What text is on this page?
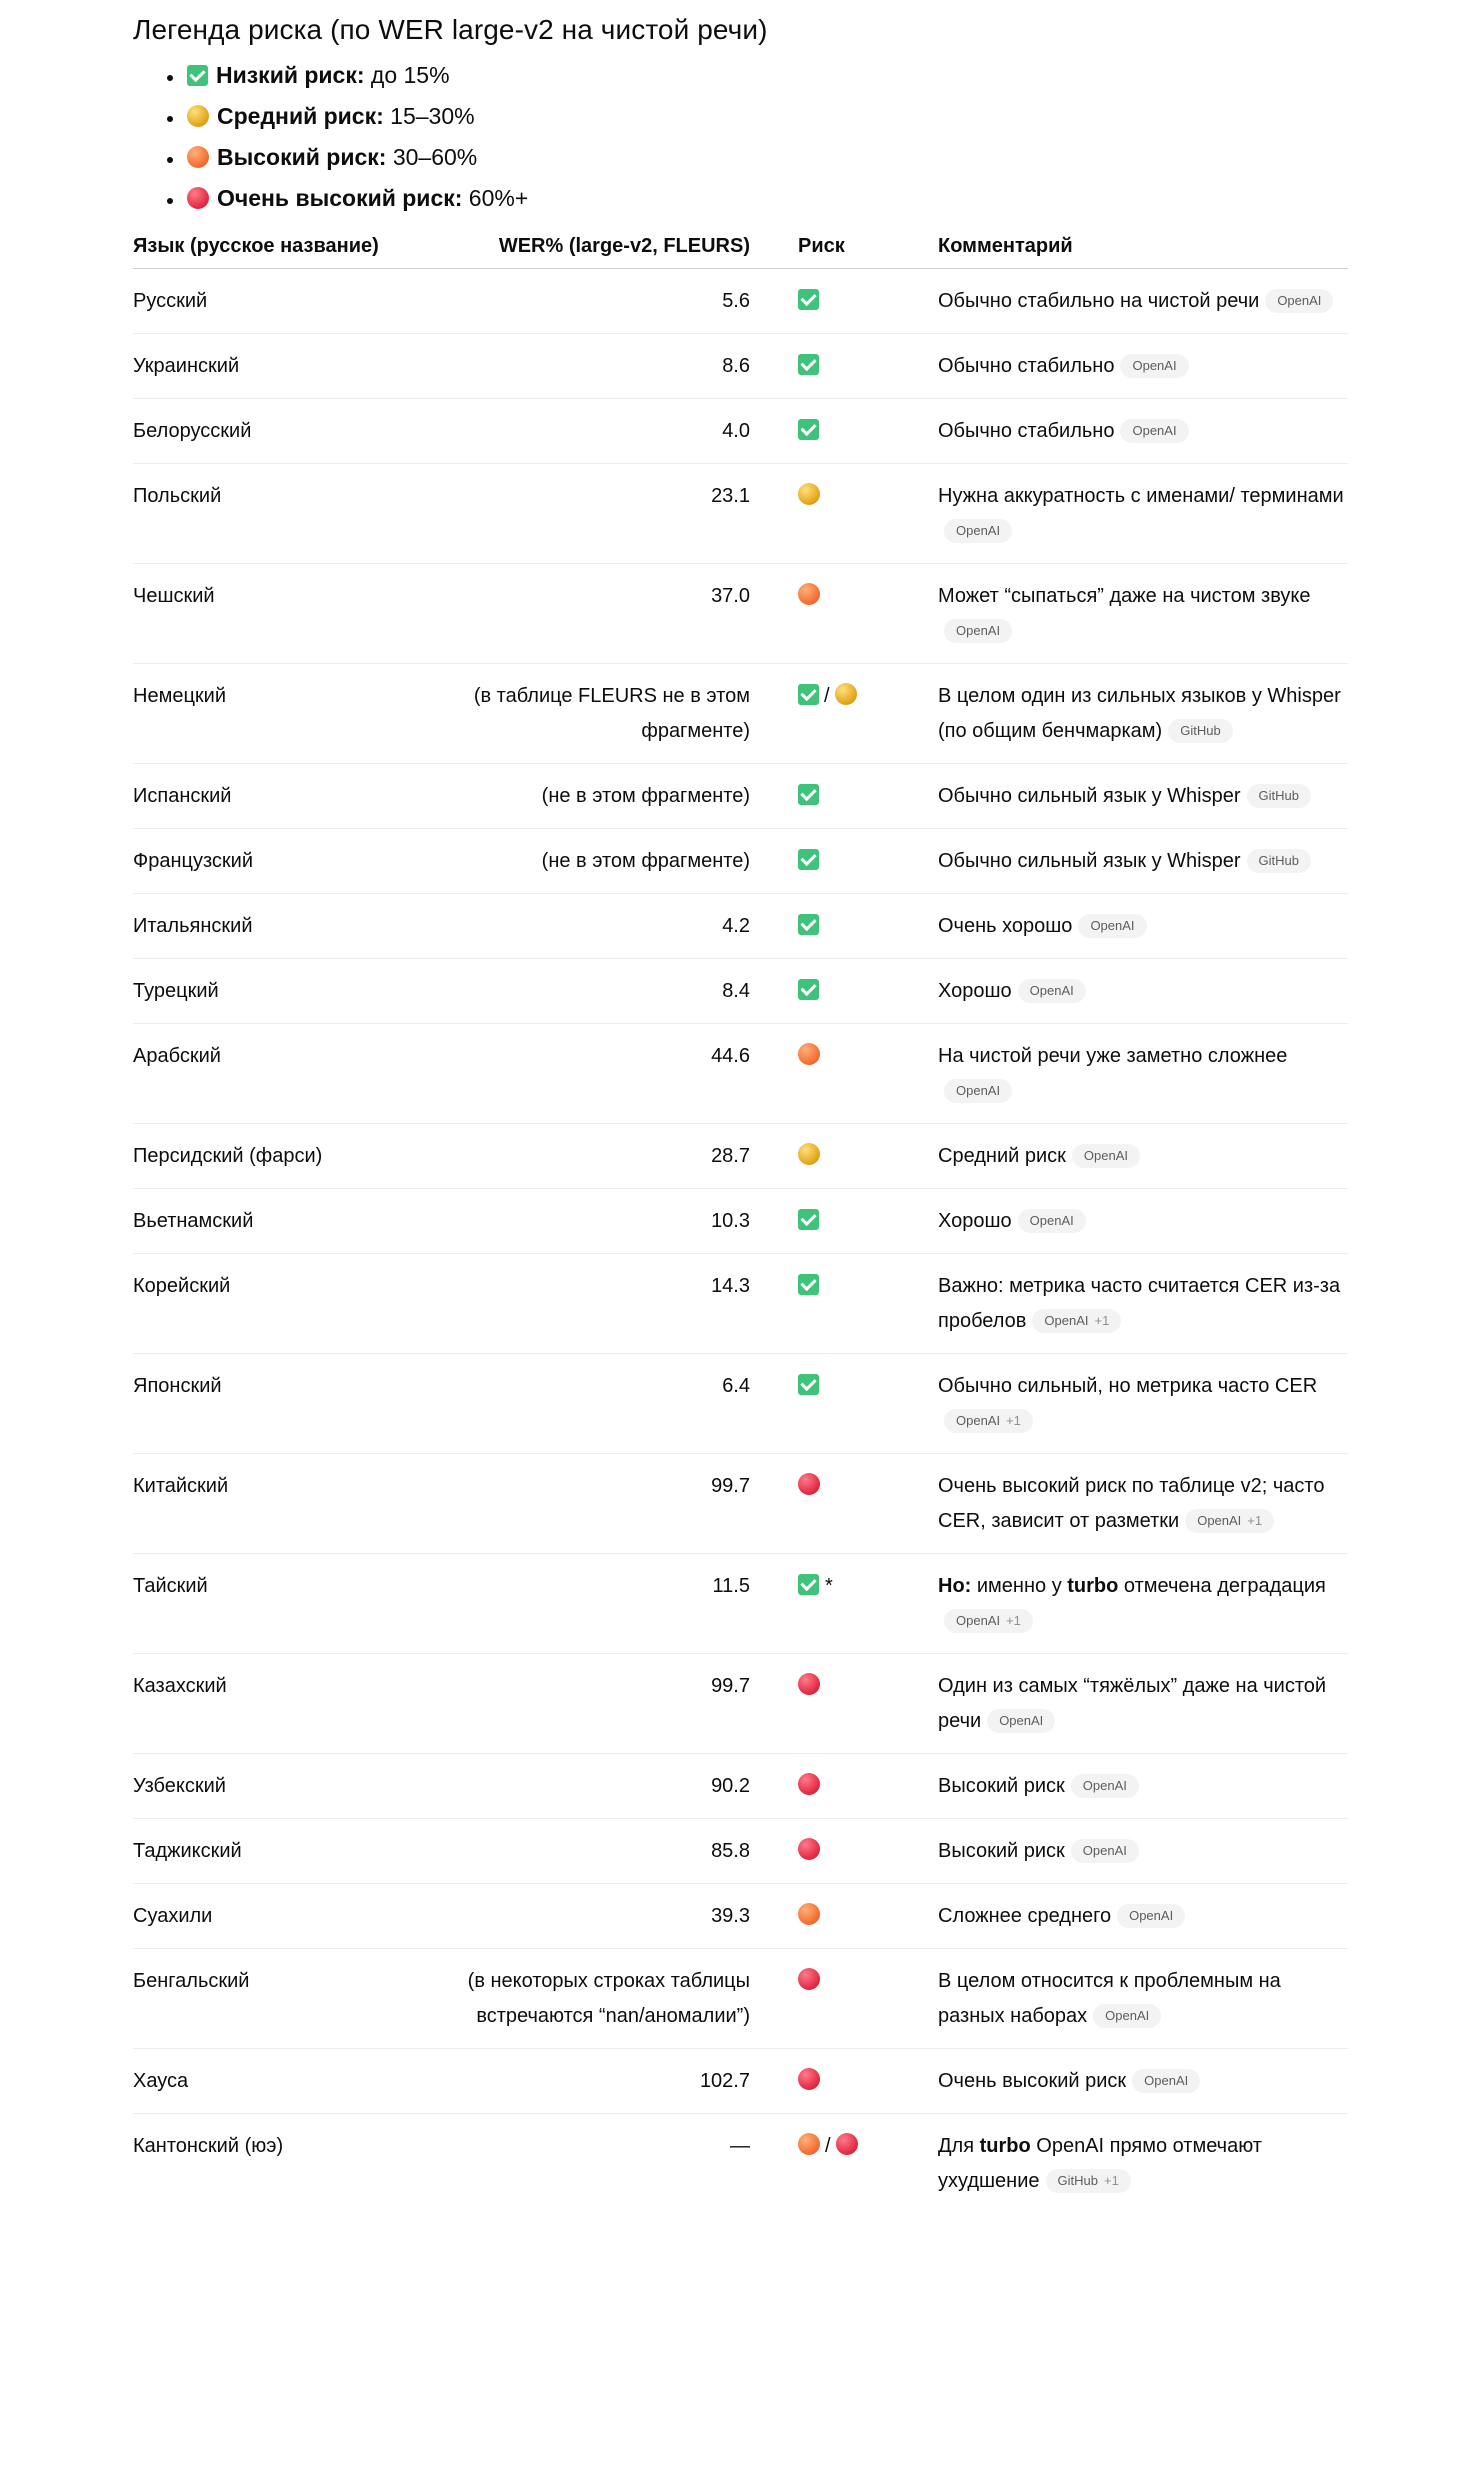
Легенда риска (по WER large-v2 на чистой речи)
• Низкий риск: до 15%
• Средний риск: 15–30%
• Высокий риск: 30–60%
• Очень высокий риск: 60%+
Язык (русское название)	WER% (large-v2, FLEURS)	Риск	Комментарий
Русский	5.6		Обычно стабильно на чистой речи OpenAI
Украинский	8.6		Обычно стабильно OpenAI
Белорусский	4.0		Обычно стабильно OpenAI
Польский	23.1		Нужна аккуратность с именами/ терминамиOpenAI
Чешский	37.0		Может “сыпаться” даже на чистом звукеOpenAI
Немецкий	(в таблице FLEURS не в этом фрагменте)	/	В целом один из сильных языков у Whisper (по общим бенчмаркам) GitHub
Испанский	(не в этом фрагменте)		Обычно сильный язык у Whisper GitHub
Французский	(не в этом фрагменте)		Обычно сильный язык у Whisper GitHub
Итальянский	4.2		Очень хорошо OpenAI
Турецкий	8.4		Хорошо OpenAI
Арабский	44.6		На чистой речи уже заметно сложнееOpenAI
Персидский (фарси)	28.7		Средний риск OpenAI
Вьетнамский	10.3		Хорошо OpenAI
Корейский	14.3		Важно: метрика часто считается CER из-за пробелов OpenAI +1
Японский	6.4		Обычно сильный, но метрика часто CEROpenAI +1
Китайский	99.7		Очень высокий риск по таблице v2; часто CER, зависит от разметки OpenAI +1
Тайский	11.5	*	Но: именно у turbo отмечена деградацияOpenAI +1
Казахский	99.7		Один из самых “тяжёлых” даже на чистой речи OpenAI
Узбекский	90.2		Высокий риск OpenAI
Таджикский	85.8		Высокий риск OpenAI
Суахили	39.3		Сложнее среднего OpenAI
Бенгальский	(в некоторых строках таблицы встречаются “nan/аномалии”)		В целом относится к проблемным на разных наборах OpenAI
Хауса	102.7		Очень высокий риск OpenAI
Кантонский (юэ)	—	/	Для turbo OpenAI прямо отмечают ухудшение GitHub +1
